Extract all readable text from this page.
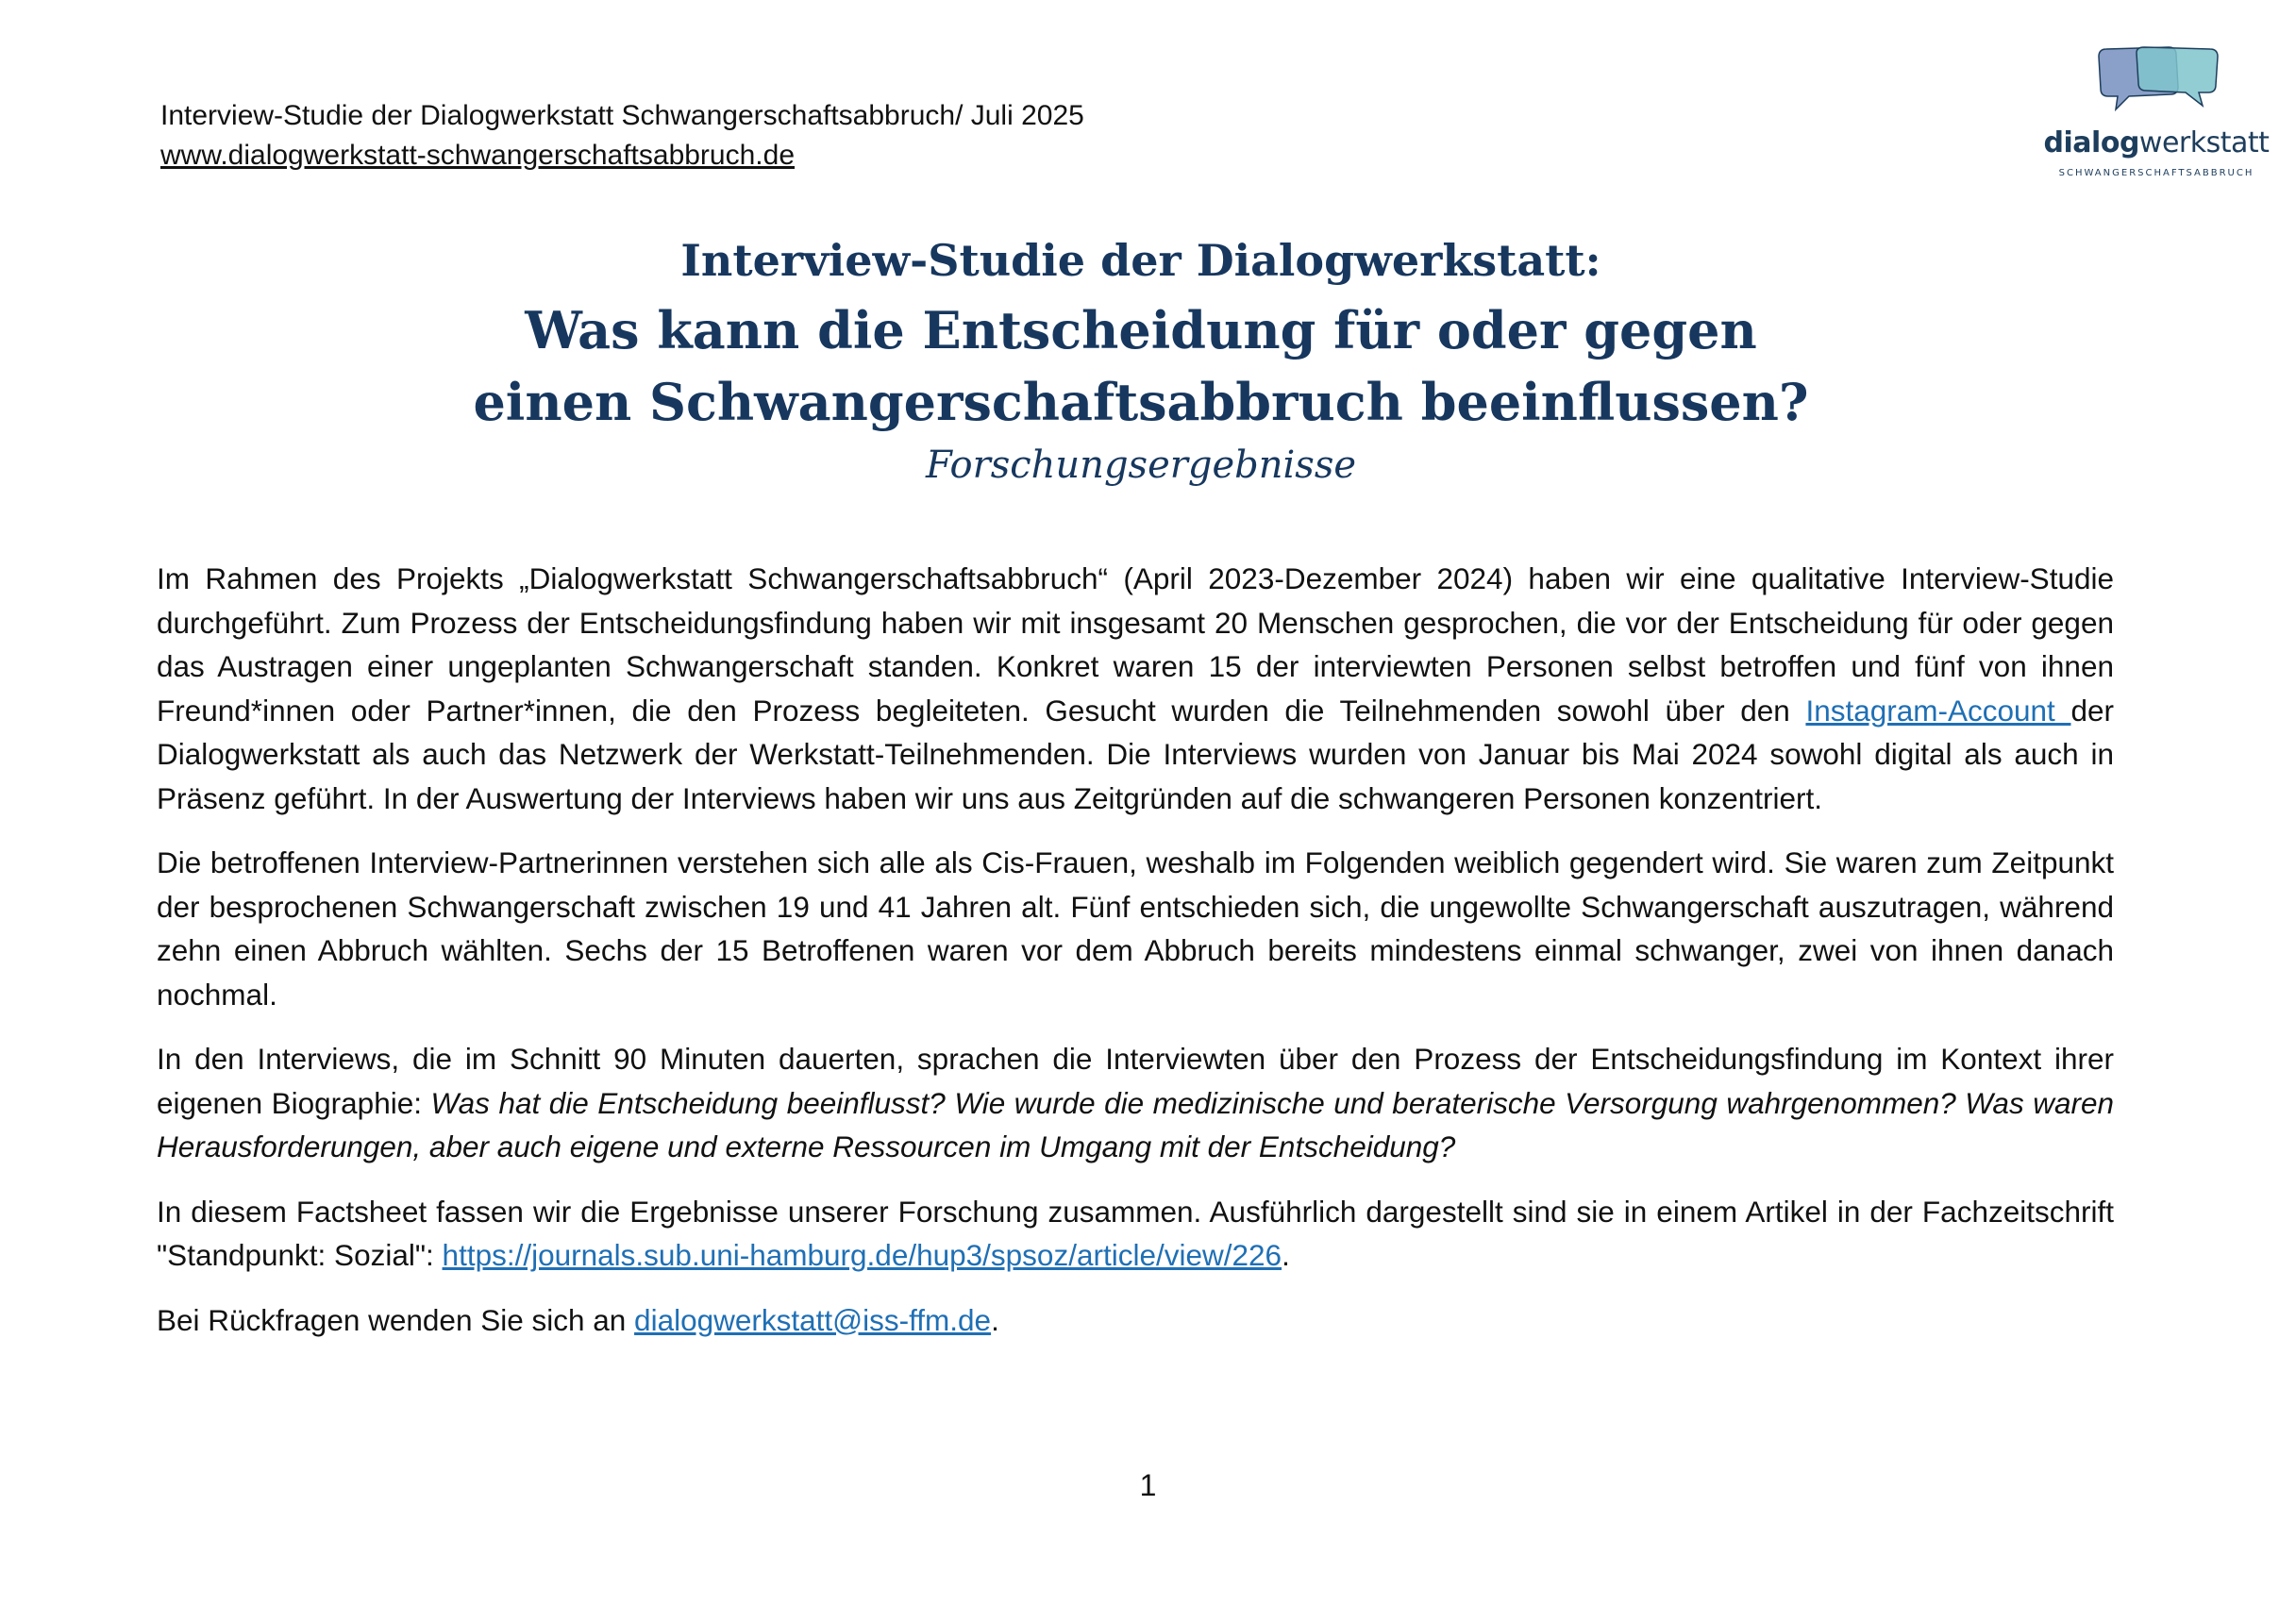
Interview-Studie der Dialogwerkstatt Schwangerschaftsabbruch/ Juli 2025
www.dialogwerkstatt-schwangerschaftsabbruch.de	dialogwerkstatt
SCHWANGERSCHAFTSABBRUCH

Interview-Studie der Dialogwerkstatt:

Was kann die Entscheidung für oder gegen

einen Schwangerschaftsabbruch beeinflussen?

Forschungsergebnisse

Im Rahmen des Projekts „Dialogwerkstatt Schwangerschaftsabbruch“ (April 2023-Dezember 2024) haben wir eine qualitative Interview-Studie durchgeführt. Zum Prozess der Entscheidungsfindung haben wir mit insgesamt 20 Menschen gesprochen, die vor der Entscheidung für oder gegen das Austragen einer ungeplanten Schwangerschaft standen. Konkret waren 15 der interviewten Personen selbst betroffen und fünf von ihnen Freund*innen oder Partner*innen, die den Prozess begleiteten. Gesucht wurden die Teilnehmenden sowohl über den Instagram-Account der Dialogwerkstatt als auch das Netzwerk der Werkstatt-Teilnehmenden. Die Interviews wurden von Januar bis Mai 2024 sowohl digital als auch in Präsenz geführt. In der Auswertung der Interviews haben wir uns aus Zeitgründen auf die schwangeren Personen konzentriert.

Die betroffenen Interview-Partnerinnen verstehen sich alle als Cis-Frauen, weshalb im Folgenden weiblich gegendert wird. Sie waren zum Zeitpunkt der besprochenen Schwangerschaft zwischen 19 und 41 Jahren alt. Fünf entschieden sich, die ungewollte Schwangerschaft auszutragen, während zehn einen Abbruch wählten. Sechs der 15 Betroffenen waren vor dem Abbruch bereits mindestens einmal schwanger, zwei von ihnen danach nochmal.

In den Interviews, die im Schnitt 90 Minuten dauerten, sprachen die Interviewten über den Prozess der Entscheidungsfindung im Kontext ihrer eigenen Biographie: Was hat die Entscheidung beeinflusst? Wie wurde die medizinische und beraterische Versorgung wahrgenommen? Was waren Herausforderungen, aber auch eigene und externe Ressourcen im Umgang mit der Entscheidung?

In diesem Factsheet fassen wir die Ergebnisse unserer Forschung zusammen. Ausführlich dargestellt sind sie in einem Artikel in der Fachzeitschrift "Standpunkt: Sozial": https://journals.sub.uni-hamburg.de/hup3/spsoz/article/view/226.

Bei Rückfragen wenden Sie sich an dialogwerkstatt@iss-ffm.de.

1
